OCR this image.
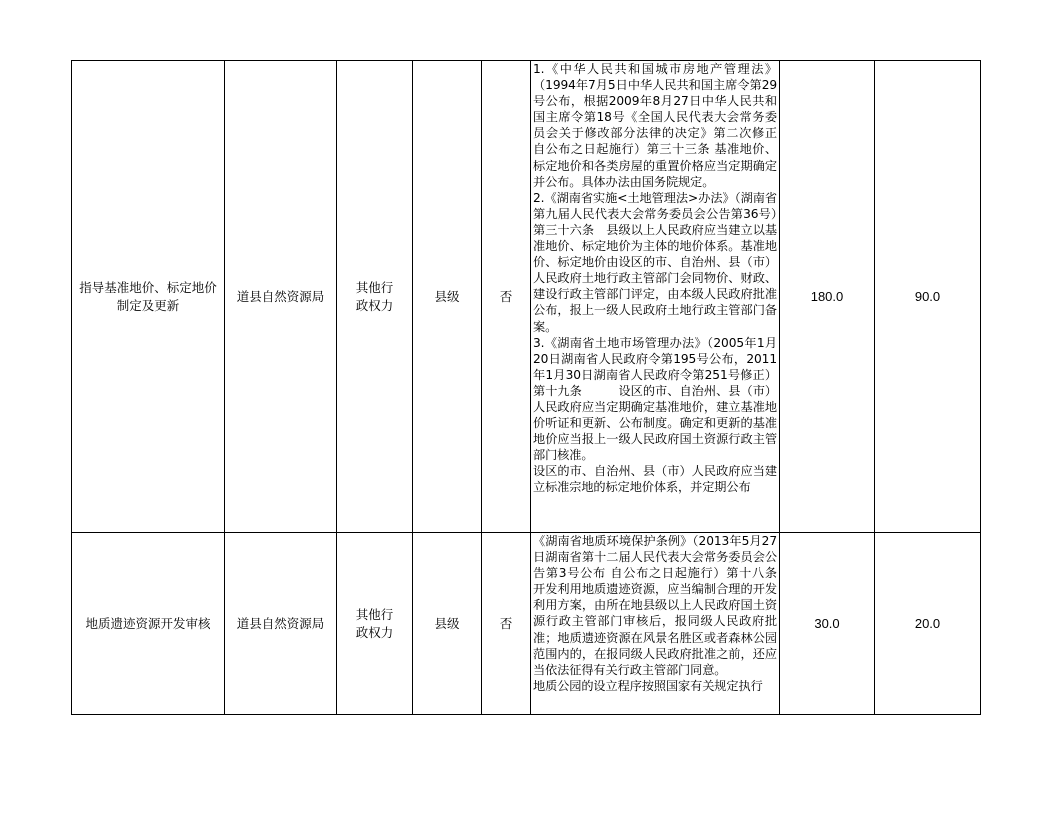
指导基准地价、标定地价制定及更新	道县自然资源局	其他行政权力	县级	否	1.《中华人民共和国城市房地产管理法》（1994年7月5日中华人民共和国主席令第29号公布，根据2009年8月27日中华人民共和国主席令第18号《全国人民代表大会常务委员会关于修改部分法律的决定》第二次修正 自公布之日起施行）第三十三条 基准地价、标定地价和各类房屋的重置价格应当定期确定并公布。具体办法由国务院规定。

2.《湖南省实施<土地管理法>办法》（湖南省第九届人民代表大会常务委员会公告第36号）第三十六条　县级以上人民政府应当建立以基准地价、标定地价为主体的地价体系。基准地价、标定地价由设区的市、自治州、县（市）人民政府土地行政主管部门会同物价、财政、建设行政主管部门评定，由本级人民政府批准公布，报上一级人民政府土地行政主管部门备案。

3.《湖南省土地市场管理办法》（2005年1月20日湖南省人民政府令第195号公布，2011年1月30日湖南省人民政府令第251号修正）第十九条　　　设区的市、自治州、县（市）人民政府应当定期确定基准地价，建立基准地价听证和更新、公布制度。确定和更新的基准地价应当报上一级人民政府国土资源行政主管部门核准。

设区的市、自治州、县（市）人民政府应当建立标准宗地的标定地价体系，并定期公布	180.0	90.0

地质遗迹资源开发审核	道县自然资源局	其他行政权力	县级	否	《湖南省地质环境保护条例》（2013年5月27日湖南省第十二届人民代表大会常务委员会公告第3号公布 自公布之日起施行）第十八条　　　开发利用地质遗迹资源，应当编制合理的开发利用方案，由所在地县级以上人民政府国土资源行政主管部门审核后，报同级人民政府批准；地质遗迹资源在风景名胜区或者森林公园范围内的，在报同级人民政府批准之前，还应当依法征得有关行政主管部门同意。

地质公园的设立程序按照国家有关规定执行	30.0	20.0
